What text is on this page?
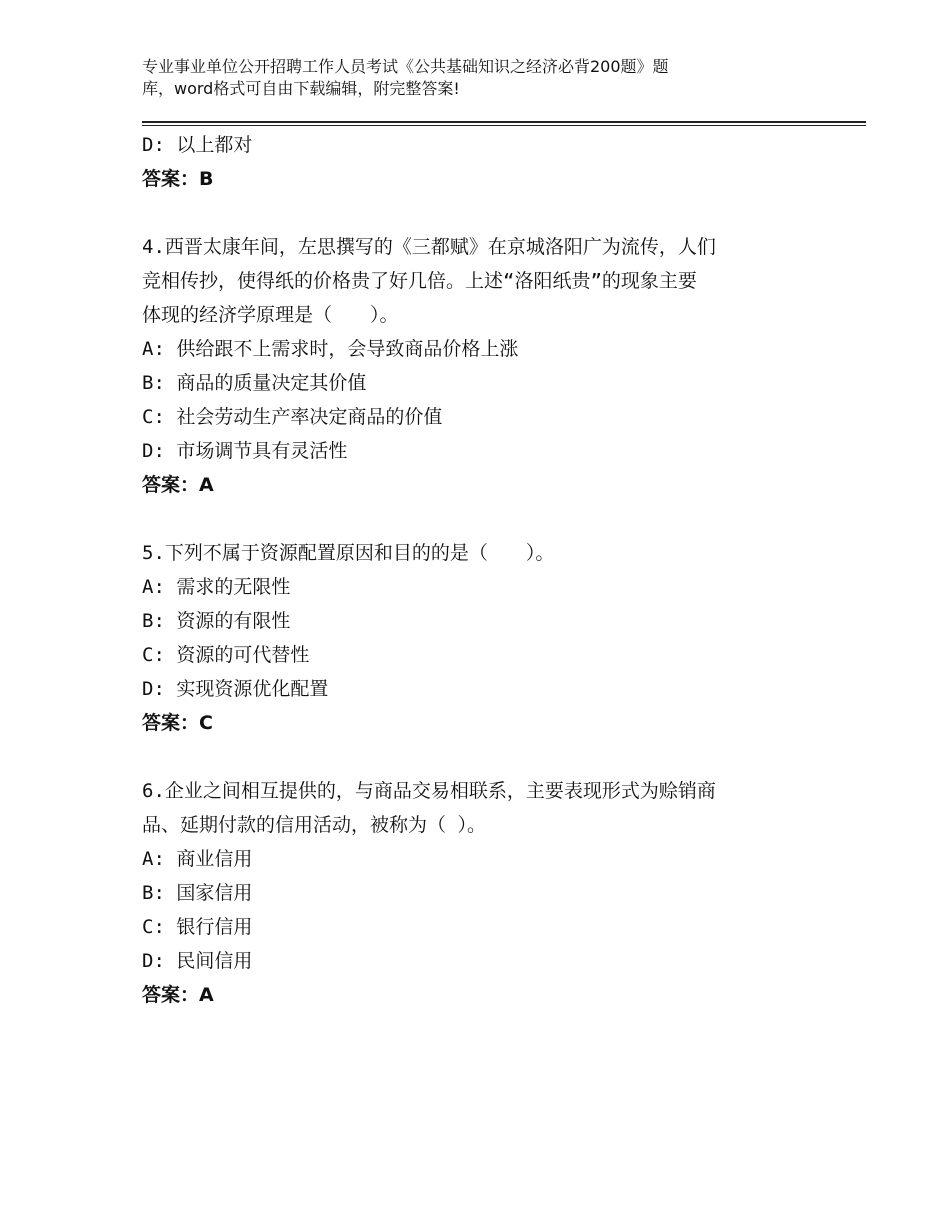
专业事业单位公开招聘工作人员考试《公共基础知识之经济必背200题》题
库，word格式可自由下载编辑，附完整答案!

D: 以上都对

答案：B

4.西晋太康年间，左思撰写的《三都赋》在京城洛阳广为流传，人们

竞相传抄，使得纸的价格贵了好几倍。上述“洛阳纸贵”的现象主要

体现的经济学原理是（　　）。

A: 供给跟不上需求时，会导致商品价格上涨

B: 商品的质量决定其价值

C: 社会劳动生产率决定商品的价值

D: 市场调节具有灵活性

答案：A

5.下列不属于资源配置原因和目的的是（　　）。

A: 需求的无限性

B: 资源的有限性

C: 资源的可代替性

D: 实现资源优化配置

答案：C

6.企业之间相互提供的，与商品交易相联系，主要表现形式为赊销商

品、延期付款的信用活动，被称为（ ）。

A: 商业信用

B: 国家信用

C: 银行信用

D: 民间信用

答案：A
